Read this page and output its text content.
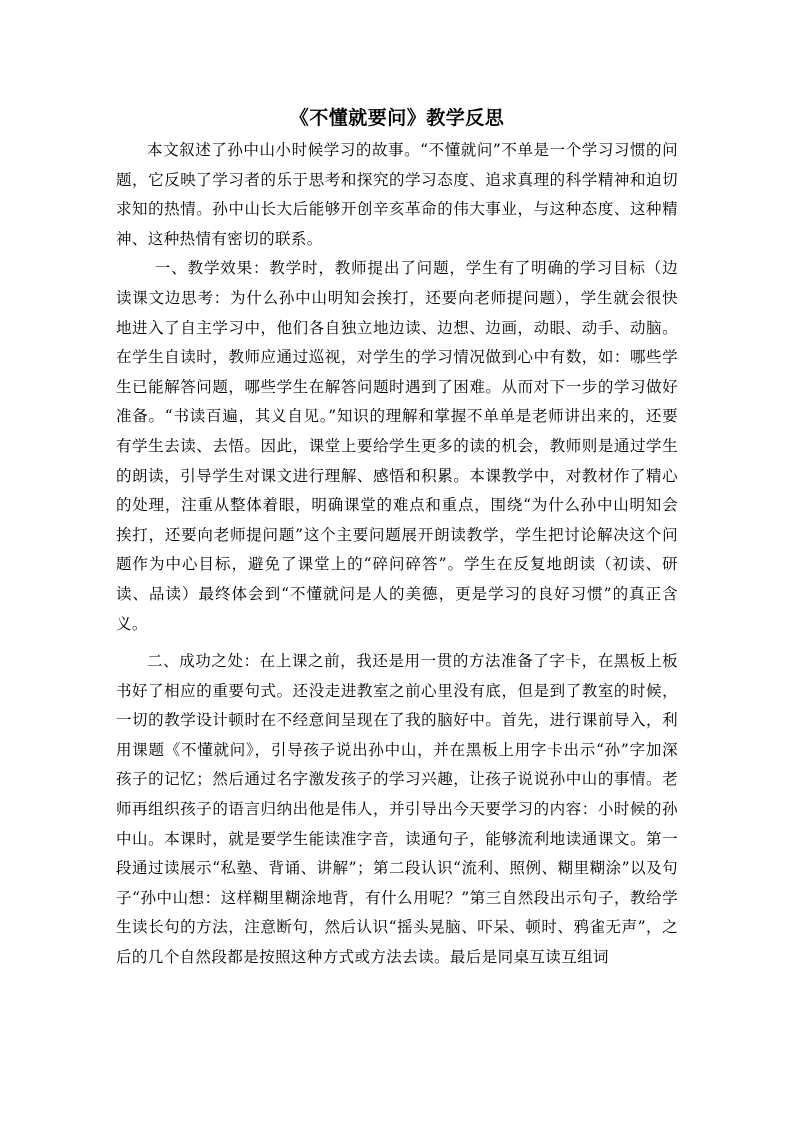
《不懂就要问》教学反思

本文叙述了孙中山小时候学习的故事。“不懂就问”不单是一个学习习惯的问题，它反映了学习者的乐于思考和探究的学习态度、追求真理的科学精神和迫切求知的热情。孙中山长大后能够开创辛亥革命的伟大事业，与这种态度、这种精神、这种热情有密切的联系。

一、教学效果：教学时，教师提出了问题，学生有了明确的学习目标（边读课文边思考：为什么孙中山明知会挨打，还要向老师提问题），学生就会很快地进入了自主学习中，他们各自独立地边读、边想、边画，动眼、动手、动脑。在学生自读时，教师应通过巡视，对学生的学习情况做到心中有数，如：哪些学生已能解答问题，哪些学生在解答问题时遇到了困难。从而对下一步的学习做好准备。“书读百遍，其义自见。”知识的理解和掌握不单单是老师讲出来的，还要有学生去读、去悟。因此，课堂上要给学生更多的读的机会，教师则是通过学生的朗读，引导学生对课文进行理解、感悟和积累。本课教学中，对教材作了精心的处理，注重从整体着眼，明确课堂的难点和重点，围绕“为什么孙中山明知会挨打，还要向老师提问题”这个主要问题展开朗读教学，学生把讨论解决这个问题作为中心目标，避免了课堂上的“碎问碎答”。学生在反复地朗读（初读、研读、品读）最终体会到“不懂就问是人的美德，更是学习的良好习惯”的真正含义。

二、成功之处：在上课之前，我还是用一贯的方法准备了字卡，在黑板上板书好了相应的重要句式。还没走进教室之前心里没有底，但是到了教室的时候，一切的教学设计顿时在不经意间呈现在了我的脑好中。首先，进行课前导入，利用课题《不懂就问》，引导孩子说出孙中山，并在黑板上用字卡出示“孙”字加深孩子的记忆；然后通过名字激发孩子的学习兴趣，让孩子说说孙中山的事情。老师再组织孩子的语言归纳出他是伟人，并引导出今天要学习的内容：小时候的孙中山。本课时，就是要学生能读准字音，读通句子，能够流利地读通课文。第一段通过读展示“私塾、背诵、讲解”；第二段认识“流利、照例、糊里糊涂”以及句子“孙中山想：这样糊里糊涂地背，有什么用呢？”第三自然段出示句子，教给学生读长句的方法，注意断句，然后认识“摇头晃脑、吓呆、顿时、鸦雀无声”，之后的几个自然段都是按照这种方式或方法去读。最后是同桌互读互组词
